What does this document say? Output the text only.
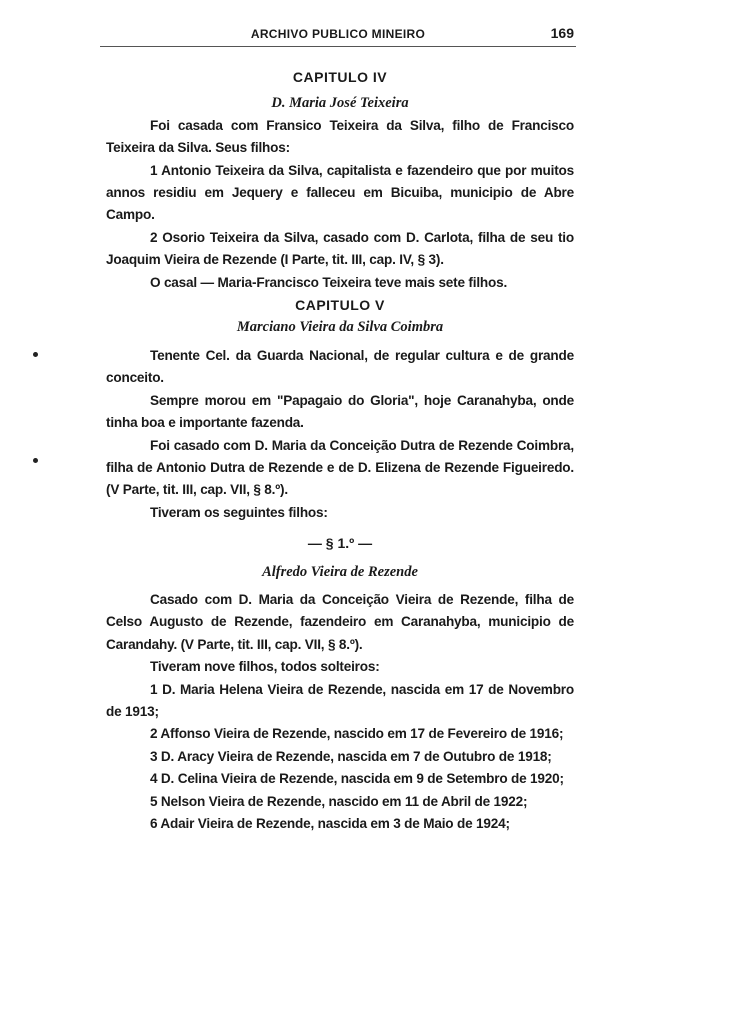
ARCHIVO PUBLICO MINEIRO	169
CAPITULO IV
D. Maria José Teixeira

Foi casada com Fransico Teixeira da Silva, filho de Francisco Teixeira da Silva. Seus filhos:

1 Antonio Teixeira da Silva, capitalista e fazendeiro que por muitos annos residiu em Jequery e falleceu em Bicuiba, municipio de Abre Campo.

2 Osorio Teixeira da Silva, casado com D. Carlota, filha de seu tio Joaquim Vieira de Rezende (I Parte, tit. III, cap. IV, § 3).

O casal — Maria-Francisco Teixeira teve mais sete filhos.

CAPITULO V
Marciano Vieira da Silva Coimbra

Tenente Cel. da Guarda Nacional, de regular cultura e de grande conceito.

Sempre morou em "Papagaio do Gloria", hoje Caranahyba, onde tinha boa e importante fazenda.

Foi casado com D. Maria da Conceição Dutra de Rezende Coimbra, filha de Antonio Dutra de Rezende e de D. Elizena de Rezende Figueiredo. (V Parte, tit. III, cap. VII, § 8.º).

Tiveram os seguintes filhos:

— § 1.º —
Alfredo Vieira de Rezende

Casado com D. Maria da Conceição Vieira de Rezende, filha de Celso Augusto de Rezende, fazendeiro em Caranahyba, municipio de Carandahy. (V Parte, tit. III, cap. VII, § 8.º).

Tiveram nove filhos, todos solteiros:

1 D. Maria Helena Vieira de Rezende, nascida em 17 de Novembro de 1913;

2 Affonso Vieira de Rezende, nascido em 17 de Fevereiro de 1916;

3 D. Aracy Vieira de Rezende, nascida em 7 de Outubro de 1918;

4 D. Celina Vieira de Rezende, nascida em 9 de Setembro de 1920;

5 Nelson Vieira de Rezende, nascido em 11 de Abril de 1922;

6 Adair Vieira de Rezende, nascida em 3 de Maio de 1924;
